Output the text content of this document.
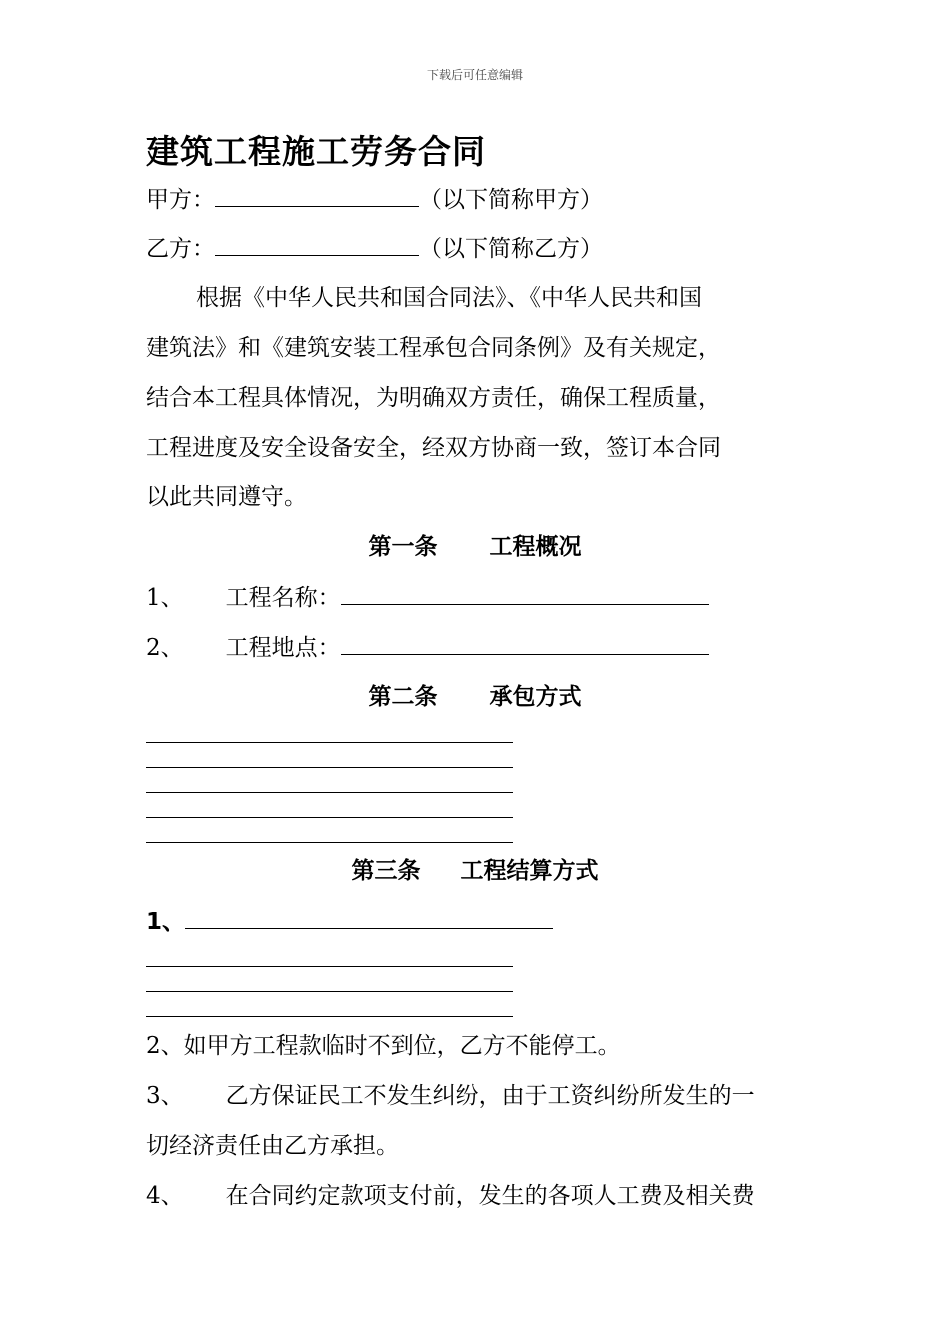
下载后可任意编辑
建筑工程施工劳务合同
甲方：	（以下简称甲方）
乙方：	（以下简称乙方）
根据《中华人民共和国合同法》、《中华人民共和国
建筑法》和《建筑安装工程承包合同条例》及有关规定，
结合本工程具体情况，为明确双方责任，确保工程质量，
工程进度及安全设备安全，经双方协商一致，签订本合同
以此共同遵守。
第一条 工程概况
1、 工程名称：
2、 工程地点：
第二条 承包方式
第三条 工程结算方式
1、
2、如甲方工程款临时不到位，乙方不能停工。
3、 乙方保证民工不发生纠纷，由于工资纠纷所发生的一
切经济责任由乙方承担。
4、 在合同约定款项支付前，发生的各项人工费及相关费
